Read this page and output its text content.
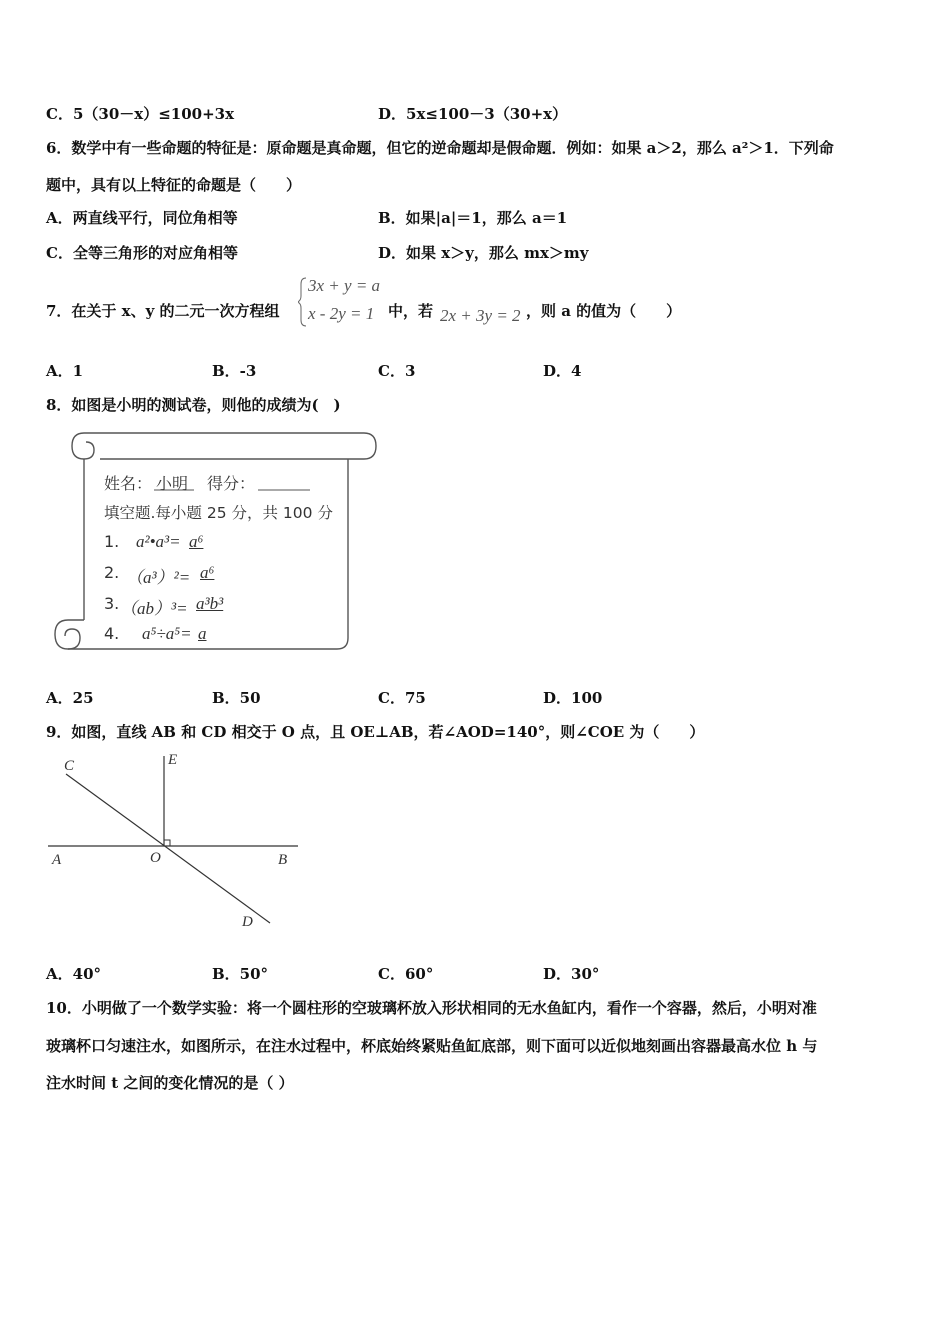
C．5（30－x）≤100+3x	D．5x≤100－3（30+x）
6．数学中有一些命题的特征是：原命题是真命题，但它的逆命题却是假命题．例如：如果 a＞2，那么 a²＞1．下列命
题中，具有以上特征的命题是（　　）
A．两直线平行，同位角相等	B．如果|a|＝1，那么 a＝1
C．全等三角形的对应角相等	D．如果 x＞y，那么 mx＞my
7．在关于 x、y 的二元一次方程组
3x + y = a
x - 2y = 1 中，若 2x + 3y = 2 ，则 a 的值为（　　）
A．1	B．-3	C．3	D．4
8．如图是小明的测试卷，则他的成绩为(　)
姓名： 小明 得分：
填空题.每小题 25 分，共 100 分
1. a²•a³= a⁶
2. （a³）²= a⁶
3. （ab）³= a³b³
4. a⁵÷a⁵= a
A．25	B．50	C．75	D．100
9．如图，直线 AB 和 CD 相交于 O 点，且 OE⊥AB，若∠AOD=140°，则∠COE 为（　　）
C	E
A	O	B
D
A．40°	B．50°	C．60°	D．30°
10．小明做了一个数学实验：将一个圆柱形的空玻璃杯放入形状相同的无水鱼缸内，看作一个容器，然后，小明对准
玻璃杯口匀速注水，如图所示，在注水过程中，杯底始终紧贴鱼缸底部，则下面可以近似地刻画出容器最高水位 h 与
注水时间 t 之间的变化情况的是（ ）
